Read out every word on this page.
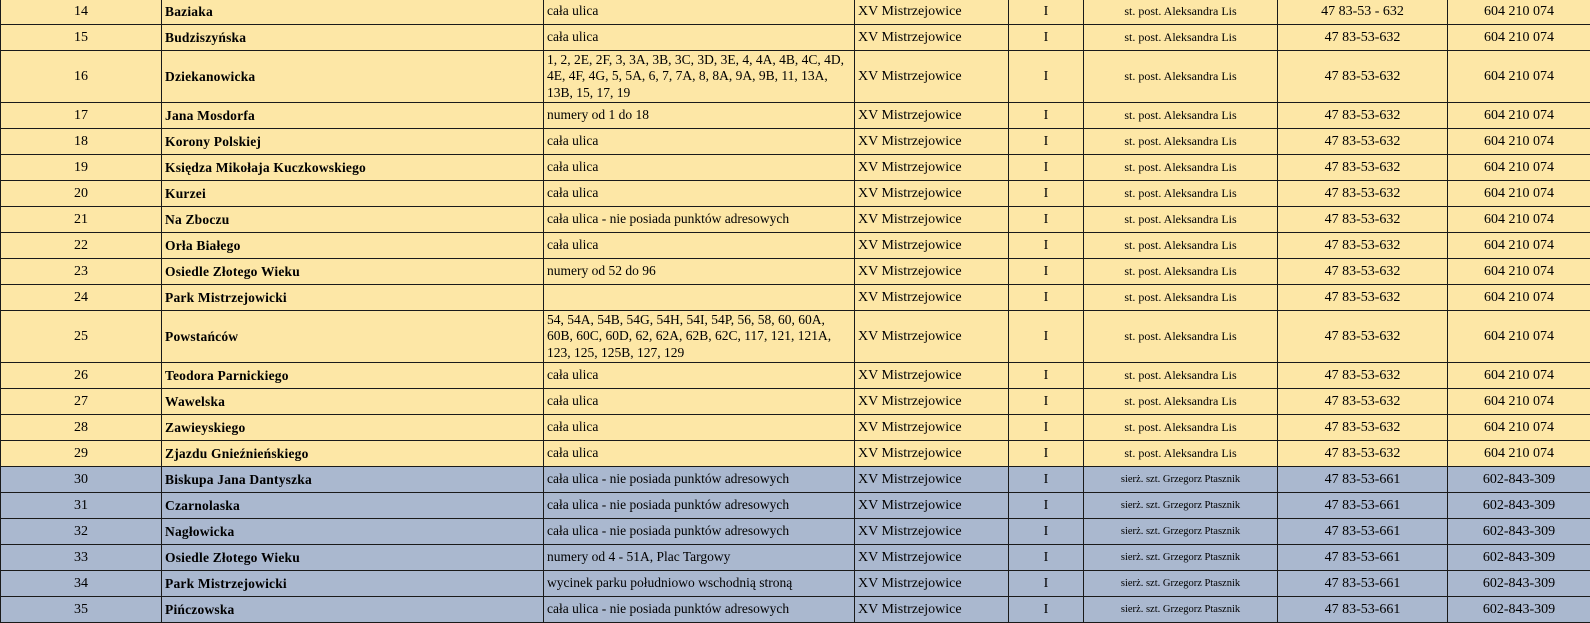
14	Baziaka	cała ulica	XV Mistrzejowice	I	st. post. Aleksandra Lis	47 83-53 - 632	604 210 074
15	Budziszyńska	cała ulica	XV Mistrzejowice	I	st. post. Aleksandra Lis	47 83-53-632	604 210 074
16	Dziekanowicka	1, 2, 2E, 2F, 3, 3A, 3B, 3C, 3D, 3E, 4, 4A, 4B, 4C, 4D, 4E, 4F, 4G, 5, 5A, 6, 7, 7A, 8, 8A, 9A, 9B, 11, 13A, 13B, 15, 17, 19	XV Mistrzejowice	I	st. post. Aleksandra Lis	47 83-53-632	604 210 074
17	Jana Mosdorfa	numery od 1 do 18	XV Mistrzejowice	I	st. post. Aleksandra Lis	47 83-53-632	604 210 074
18	Korony Polskiej	cała ulica	XV Mistrzejowice	I	st. post. Aleksandra Lis	47 83-53-632	604 210 074
19	Księdza Mikołaja Kuczkowskiego	cała ulica	XV Mistrzejowice	I	st. post. Aleksandra Lis	47 83-53-632	604 210 074
20	Kurzei	cała ulica	XV Mistrzejowice	I	st. post. Aleksandra Lis	47 83-53-632	604 210 074
21	Na Zboczu	cała ulica - nie posiada punktów adresowych	XV Mistrzejowice	I	st. post. Aleksandra Lis	47 83-53-632	604 210 074
22	Orła Białego	cała ulica	XV Mistrzejowice	I	st. post. Aleksandra Lis	47 83-53-632	604 210 074
23	Osiedle Złotego Wieku	numery od 52 do 96	XV Mistrzejowice	I	st. post. Aleksandra Lis	47 83-53-632	604 210 074
24	Park Mistrzejowicki		XV Mistrzejowice	I	st. post. Aleksandra Lis	47 83-53-632	604 210 074
25	Powstańców	54, 54A, 54B, 54G, 54H, 54I, 54P, 56, 58, 60, 60A, 60B, 60C, 60D, 62, 62A, 62B, 62C, 117, 121, 121A, 123, 125, 125B, 127, 129	XV Mistrzejowice	I	st. post. Aleksandra Lis	47 83-53-632	604 210 074
26	Teodora Parnickiego	cała ulica	XV Mistrzejowice	I	st. post. Aleksandra Lis	47 83-53-632	604 210 074
27	Wawelska	cała ulica	XV Mistrzejowice	I	st. post. Aleksandra Lis	47 83-53-632	604 210 074
28	Zawieyskiego	cała ulica	XV Mistrzejowice	I	st. post. Aleksandra Lis	47 83-53-632	604 210 074
29	Zjazdu Gnieźnieńskiego	cała ulica	XV Mistrzejowice	I	st. post. Aleksandra Lis	47 83-53-632	604 210 074
30	Biskupa Jana Dantyszka	cała ulica - nie posiada punktów adresowych	XV Mistrzejowice	I	sierż. szt. Grzegorz Ptasznik	47 83-53-661	602-843-309
31	Czarnolaska	cała ulica - nie posiada punktów adresowych	XV Mistrzejowice	I	sierż. szt. Grzegorz Ptasznik	47 83-53-661	602-843-309
32	Nagłowicka	cała ulica - nie posiada punktów adresowych	XV Mistrzejowice	I	sierż. szt. Grzegorz Ptasznik	47 83-53-661	602-843-309
33	Osiedle Złotego Wieku	numery od 4 - 51A, Plac Targowy	XV Mistrzejowice	I	sierż. szt. Grzegorz Ptasznik	47 83-53-661	602-843-309
34	Park Mistrzejowicki	wycinek parku południowo wschodnią stroną	XV Mistrzejowice	I	sierż. szt. Grzegorz Ptasznik	47 83-53-661	602-843-309
35	Pińczowska	cała ulica - nie posiada punktów adresowych	XV Mistrzejowice	I	sierż. szt. Grzegorz Ptasznik	47 83-53-661	602-843-309
